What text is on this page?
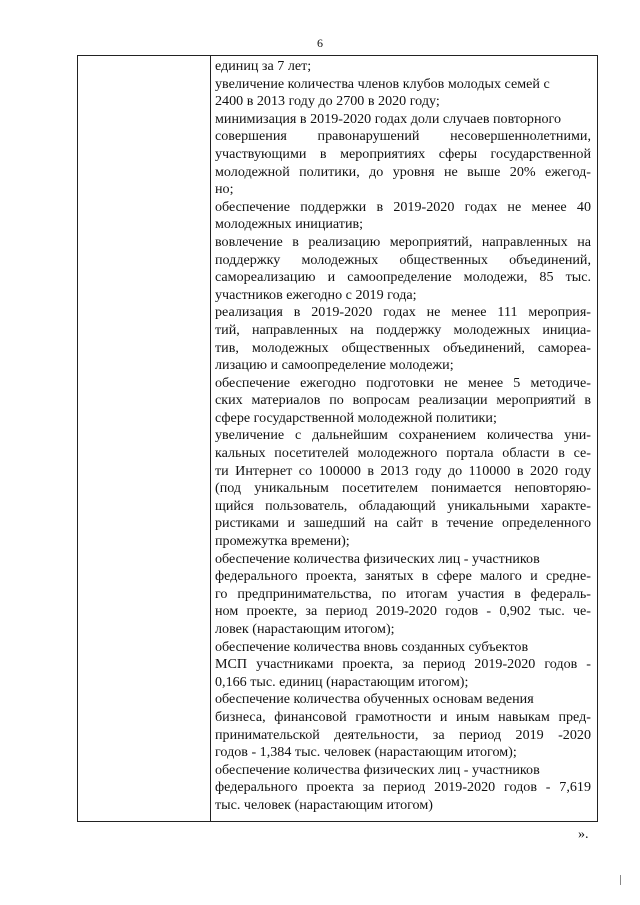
6
единиц за 7 лет;
увеличение количества членов клубов молодых семей с
2400 в 2013 году до 2700 в 2020 году;
минимизация в 2019-2020 годах доли случаев повторного
совершения правонарушений несовершеннолетними,
участвующими в мероприятиях сферы государственной
молодежной политики, до уровня не выше 20% ежегод-
но;
обеспечение поддержки в 2019-2020 годах не менее 40
молодежных инициатив;
вовлечение в реализацию мероприятий, направленных на
поддержку молодежных общественных объединений,
самореализацию и самоопределение молодежи, 85 тыс.
участников ежегодно с 2019 года;
реализация в 2019-2020 годах не менее 111 мероприя-
тий, направленных на поддержку молодежных инициа-
тив, молодежных общественных объединений, самореа-
лизацию и самоопределение молодежи;
обеспечение ежегодно подготовки не менее 5 методиче-
ских материалов по вопросам реализации мероприятий в
сфере государственной молодежной политики;
увеличение с дальнейшим сохранением количества уни-
кальных посетителей молодежного портала области в се-
ти Интернет со 100000 в 2013 году до 110000 в 2020 году
(под уникальным посетителем понимается неповторяю-
щийся пользователь, обладающий уникальными характе-
ристиками и зашедший на сайт в течение определенного
промежутка времени);
обеспечение количества физических лиц - участников
федерального проекта, занятых в сфере малого и средне-
го предпринимательства, по итогам участия в федераль-
ном проекте, за период 2019-2020 годов - 0,902 тыс. че-
ловек (нарастающим итогом);
обеспечение количества вновь созданных субъектов
МСП участниками проекта, за период 2019-2020 годов -
0,166 тыс. единиц (нарастающим итогом);
обеспечение количества обученных основам ведения
бизнеса, финансовой грамотности и иным навыкам пред-
принимательской деятельности, за период 2019 -2020
годов - 1,384 тыс. человек (нарастающим итогом);
обеспечение количества физических лиц - участников
федерального проекта за период 2019-2020 годов - 7,619
тыс. человек (нарастающим итогом)
».
